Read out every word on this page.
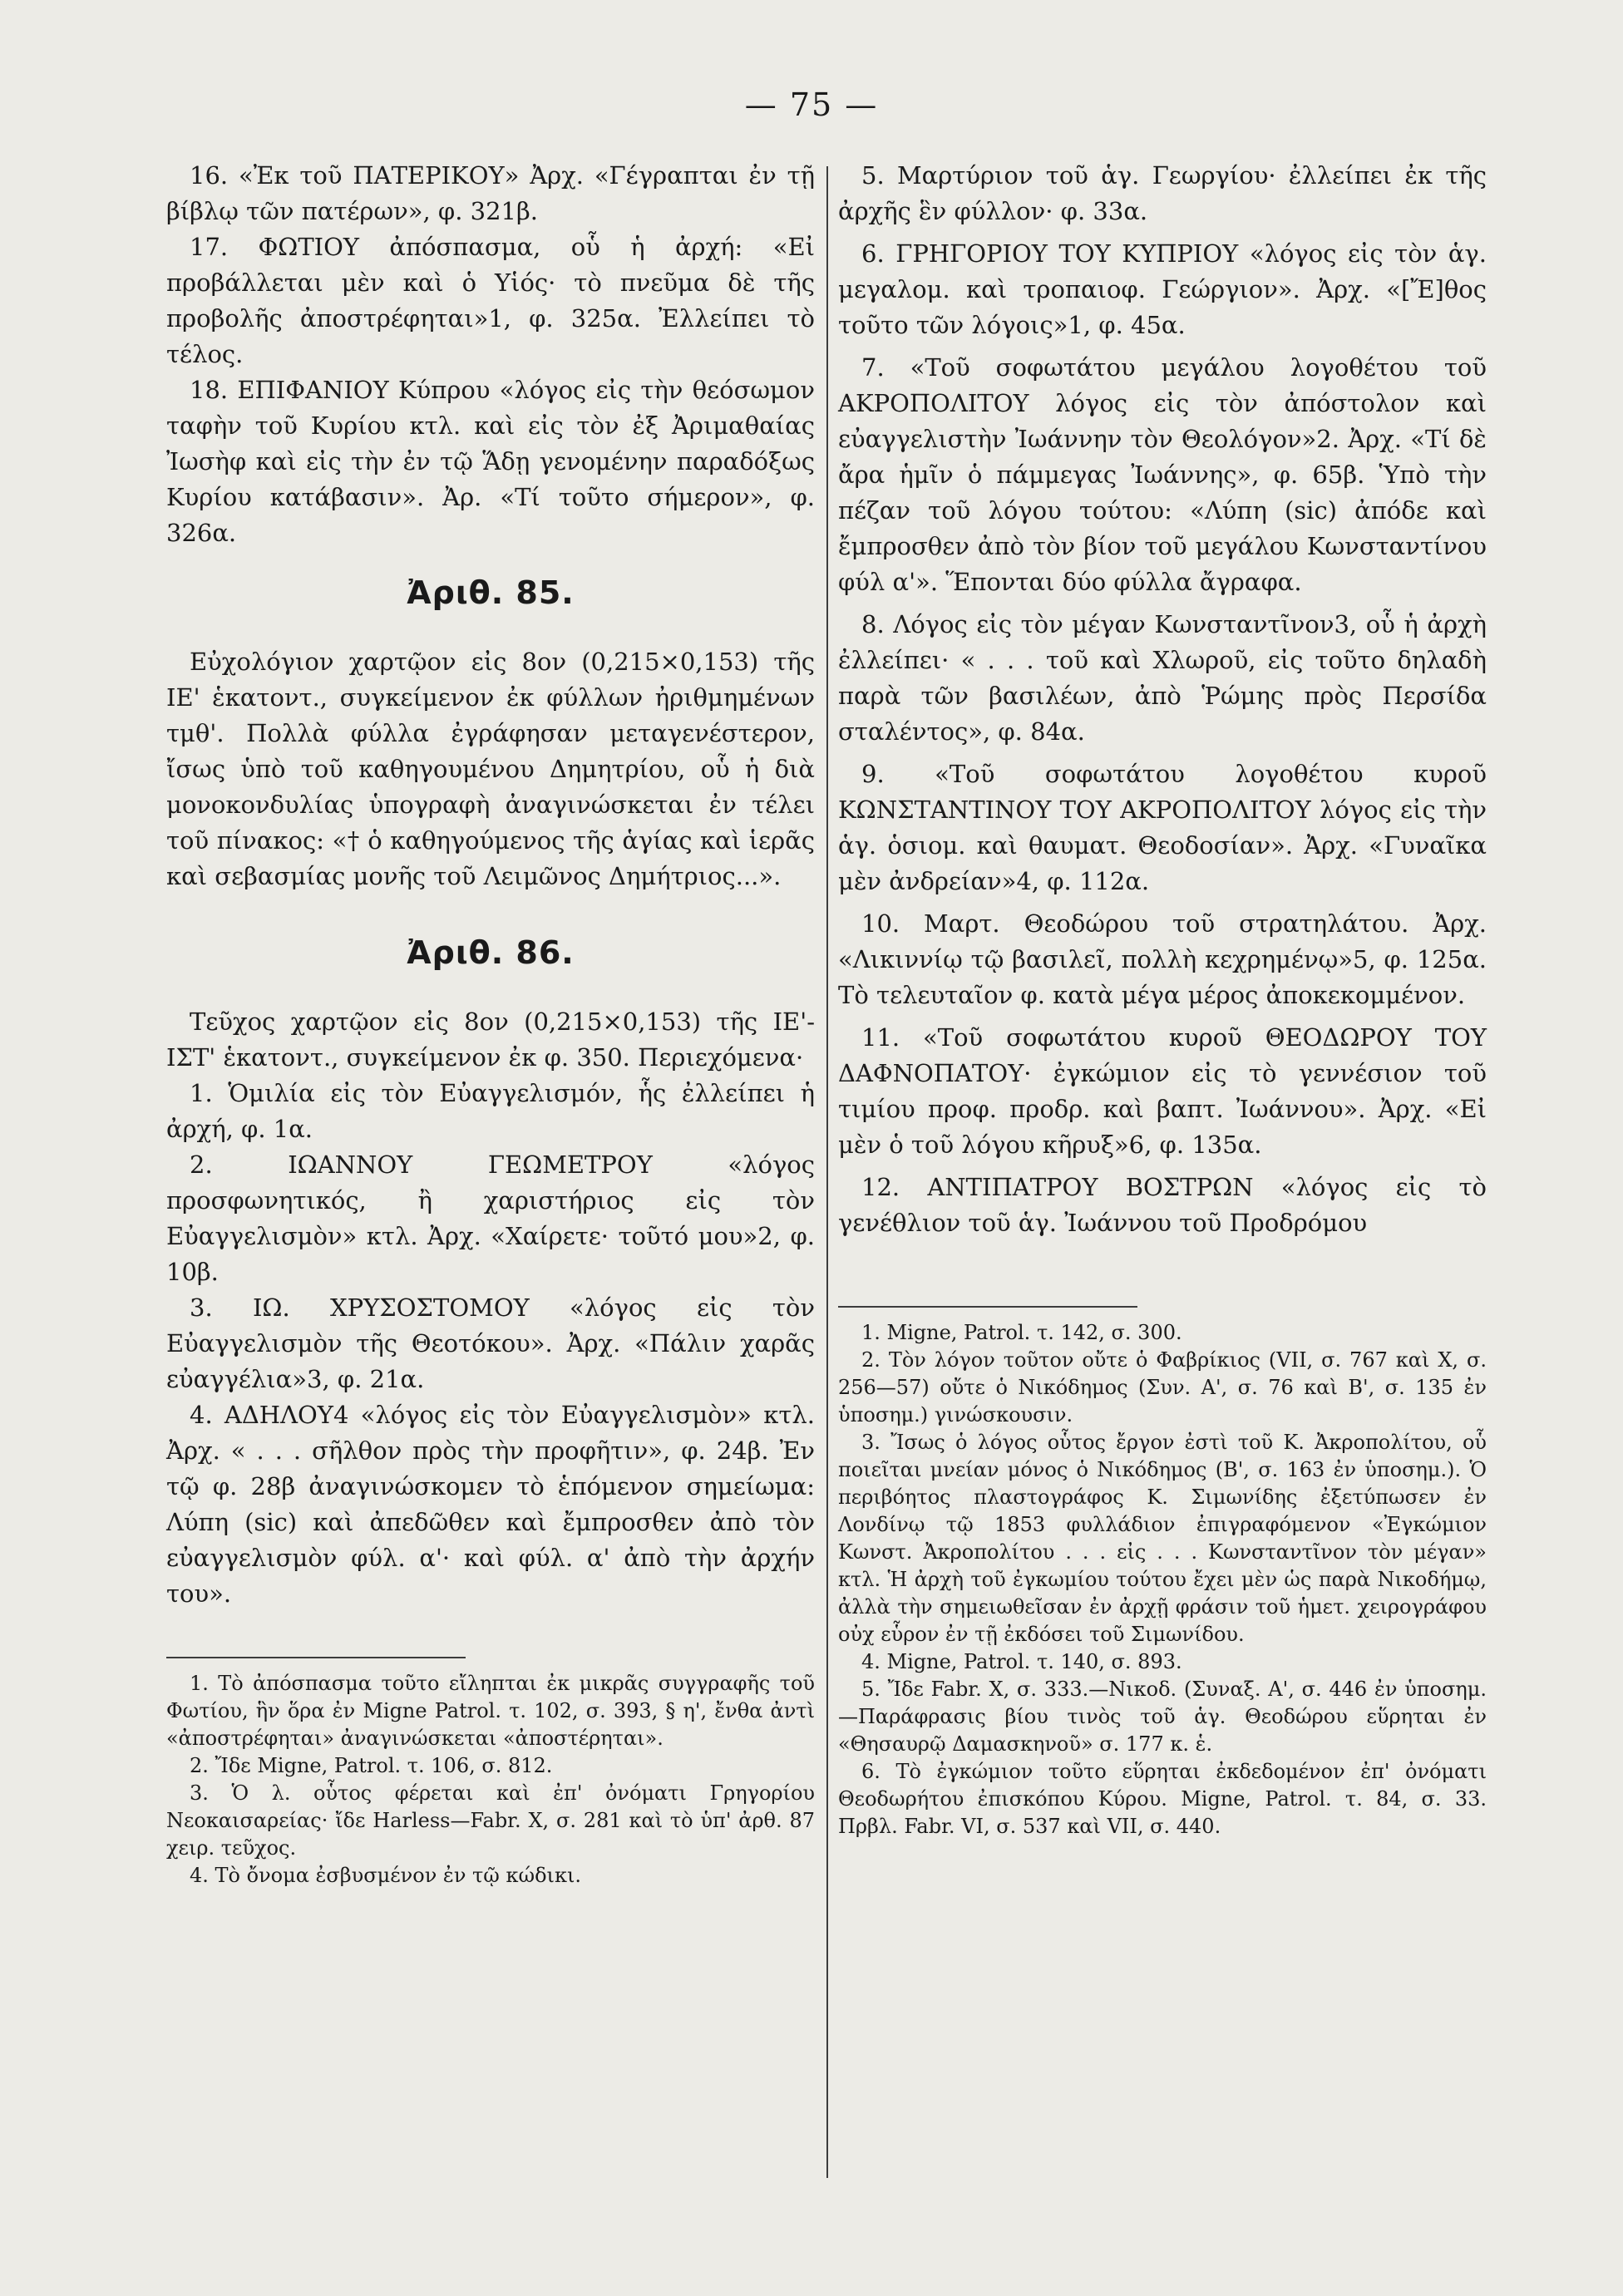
— 75 —

16. «Ἐκ τοῦ ΠΑΤΕΡΙΚΟΥ» Ἀρχ. «Γέγραπται ἐν τῇ βίβλῳ τῶν πατέρων», φ. 321β.

17. ΦΩΤΙΟΥ ἀπόσπασμα, οὗ ἡ ἀρχή: «Εἰ προβάλλεται μὲν καὶ ὁ Υἱός· τὸ πνεῦμα δὲ τῆς προβολῆς ἀποστρέφηται»1, φ. 325α. Ἐλλείπει τὸ τέλος.

18. ΕΠΙΦΑΝΙΟΥ Κύπρου «λόγος εἰς τὴν θεόσωμον ταφὴν τοῦ Κυρίου κτλ. καὶ εἰς τὸν ἐξ Ἀριμαθαίας Ἰωσὴφ καὶ εἰς τὴν ἐν τῷ Ἅδῃ γενομένην παραδόξως Κυρίου κατάβασιν». Ἀρ. «Τί τοῦτο σήμερον», φ. 326α.

Ἀριθ. 85.

Εὐχολόγιον χαρτῷον εἰς 8ον (0,215×0,153) τῆς ΙΕ' ἑκατοντ., συγκείμενον ἐκ φύλλων ἠριθμημένων τμθ'. Πολλὰ φύλλα ἐγράφησαν μεταγενέστερον, ἴσως ὑπὸ τοῦ καθηγουμένου Δημητρίου, οὗ ἡ διὰ μονοκονδυλίας ὑπογραφὴ ἀναγινώσκεται ἐν τέλει τοῦ πίνακος: «† ὁ καθηγούμενος τῆς ἁγίας καὶ ἱερᾶς καὶ σεβασμίας μονῆς τοῦ Λειμῶνος Δημήτριος...».

Ἀριθ. 86.

Τεῦχος χαρτῷον εἰς 8ον (0,215×0,153) τῆς ΙΕ'-ΙΣΤ' ἑκατοντ., συγκείμενον ἐκ φ. 350. Περιεχόμενα·

1. Ὁμιλία εἰς τὸν Εὐαγγελισμόν, ἧς ἐλλείπει ἡ ἀρχή, φ. 1α.

2. ΙΩΑΝΝΟΥ ΓΕΩΜΕΤΡΟΥ «λόγος προσφωνητικός, ἢ χαριστήριος εἰς τὸν Εὐαγγελισμὸν» κτλ. Ἀρχ. «Χαίρετε· τοῦτό μου»2, φ. 10β.

3. ΙΩ. ΧΡΥΣΟΣΤΟΜΟΥ «λόγος εἰς τὸν Εὐαγγελισμὸν τῆς Θεοτόκου». Ἀρχ. «Πάλιν χαρᾶς εὐαγγέλια»3, φ. 21α.

4. ΑΔΗΛΟΥ4 «λόγος εἰς τὸν Εὐαγγελισμὸν» κτλ. Ἀρχ. « . . . σῆλθον πρὸς τὴν προφῆτιν», φ. 24β. Ἐν τῷ φ. 28β ἀναγινώσκομεν τὸ ἑπόμενον σημείωμα: Λύπη (sic) καὶ ἀπεδῶθεν καὶ ἔμπροσθεν ἀπὸ τὸν εὐαγγελισμὸν φύλ. α'· καὶ φύλ. α' ἀπὸ τὴν ἀρχήν του».

1. Τὸ ἀπόσπασμα τοῦτο εἴληπται ἐκ μικρᾶς συγγραφῆς τοῦ Φωτίου, ἣν ὅρα ἐν Migne Patrol. τ. 102, σ. 393, § η', ἔνθα ἀντὶ «ἀποστρέφηται» ἀναγινώσκεται «ἀποστέρηται».

2. Ἴδε Migne, Patrol. τ. 106, σ. 812.

3. Ὁ λ. οὗτος φέρεται καὶ ἐπ' ὀνόματι Γρηγορίου Νεοκαισαρείας· ἴδε Harless—Fabr. X, σ. 281 καὶ τὸ ὑπ' ἀρθ. 87 χειρ. τεῦχος.

4. Τὸ ὄνομα ἐσβυσμένον ἐν τῷ κώδικι.

5. Μαρτύριον τοῦ ἁγ. Γεωργίου· ἐλλείπει ἐκ τῆς ἀρχῆς ἓν φύλλον· φ. 33α.

6. ΓΡΗΓΟΡΙΟΥ ΤΟΥ ΚΥΠΡΙΟΥ «λόγος εἰς τὸν ἁγ. μεγαλομ. καὶ τροπαιοφ. Γεώργιον». Ἀρχ. «[Ἔ]θος τοῦτο τῶν λόγοις»1, φ. 45α.

7. «Τοῦ σοφωτάτου μεγάλου λογοθέτου τοῦ ΑΚΡΟΠΟΛΙΤΟΥ λόγος εἰς τὸν ἀπόστολον καὶ εὐαγγελιστὴν Ἰωάννην τὸν Θεολόγον»2. Ἀρχ. «Τί δὲ ἄρα ἡμῖν ὁ πάμμεγας Ἰωάννης», φ. 65β. Ὑπὸ τὴν πέζαν τοῦ λόγου τούτου: «Λύπη (sic) ἀπόδε καὶ ἔμπροσθεν ἀπὸ τὸν βίον τοῦ μεγάλου Κωνσταντίνου φύλ α'». Ἕπονται δύο φύλλα ἄγραφα.

8. Λόγος εἰς τὸν μέγαν Κωνσταντῖνον3, οὗ ἡ ἀρχὴ ἐλλείπει· « . . . τοῦ καὶ Χλωροῦ, εἰς τοῦτο δηλαδὴ παρὰ τῶν βασιλέων, ἀπὸ Ῥώμης πρὸς Περσίδα σταλέντος», φ. 84α.

9. «Τοῦ σοφωτάτου λογοθέτου κυροῦ ΚΩΝΣΤΑΝΤΙΝΟΥ ΤΟΥ ΑΚΡΟΠΟΛΙΤΟΥ λόγος εἰς τὴν ἁγ. ὁσιομ. καὶ θαυματ. Θεοδοσίαν». Ἀρχ. «Γυναῖκα μὲν ἀνδρείαν»4, φ. 112α.

10. Μαρτ. Θεοδώρου τοῦ στρατηλάτου. Ἀρχ. «Λικιννίῳ τῷ βασιλεῖ, πολλὴ κεχρημένῳ»5, φ. 125α. Τὸ τελευταῖον φ. κατὰ μέγα μέρος ἀποκεκομμένον.

11. «Τοῦ σοφωτάτου κυροῦ ΘΕΟΔΩΡΟΥ ΤΟΥ ΔΑΦΝΟΠΑΤΟΥ· ἐγκώμιον εἰς τὸ γεννέσιον τοῦ τιμίου προφ. προδρ. καὶ βαπτ. Ἰωάννου». Ἀρχ. «Εἰ μὲν ὁ τοῦ λόγου κῆρυξ»6, φ. 135α.

12. ΑΝΤΙΠΑΤΡΟΥ ΒΟΣΤΡΩΝ «λόγος εἰς τὸ γενέθλιον τοῦ ἁγ. Ἰωάννου τοῦ Προδρόμου

1. Migne, Patrol. τ. 142, σ. 300.

2. Τὸν λόγον τοῦτον οὔτε ὁ Φαβρίκιος (VII, σ. 767 καὶ X, σ. 256—57) οὔτε ὁ Νικόδημος (Συν. Α', σ. 76 καὶ Β', σ. 135 ἐν ὑποσημ.) γινώσκουσιν.

3. Ἴσως ὁ λόγος οὗτος ἔργον ἐστὶ τοῦ Κ. Ἀκροπολίτου, οὗ ποιεῖται μνείαν μόνος ὁ Νικόδημος (Β', σ. 163 ἐν ὑποσημ.). Ὁ περιβόητος πλαστογράφος Κ. Σιμωνίδης ἐξετύπωσεν ἐν Λονδίνῳ τῷ 1853 φυλλάδιον ἐπιγραφόμενον «Ἐγκώμιον Κωνστ. Ἀκροπολίτου . . . εἰς . . . Κωνσταντῖνον τὸν μέγαν» κτλ. Ἡ ἀρχὴ τοῦ ἐγκωμίου τούτου ἔχει μὲν ὡς παρὰ Νικοδήμῳ, ἀλλὰ τὴν σημειωθεῖσαν ἐν ἀρχῇ φράσιν τοῦ ἡμετ. χειρογράφου οὐχ εὗρον ἐν τῇ ἐκδόσει τοῦ Σιμωνίδου.

4. Migne, Patrol. τ. 140, σ. 893.

5. Ἴδε Fabr. X, σ. 333.—Νικοδ. (Συναξ. Α', σ. 446 ἐν ὑποσημ.—Παράφρασις βίου τινὸς τοῦ ἁγ. Θεοδώρου εὕρηται ἐν «Θησαυρῷ Δαμασκηνοῦ» σ. 177 κ. ἑ.

6. Τὸ ἐγκώμιον τοῦτο εὕρηται ἐκδεδομένον ἐπ' ὀνόματι Θεοδωρήτου ἐπισκόπου Κύρου. Migne, Patrol. τ. 84, σ. 33. Πρβλ. Fabr. VI, σ. 537 καὶ VII, σ. 440.
